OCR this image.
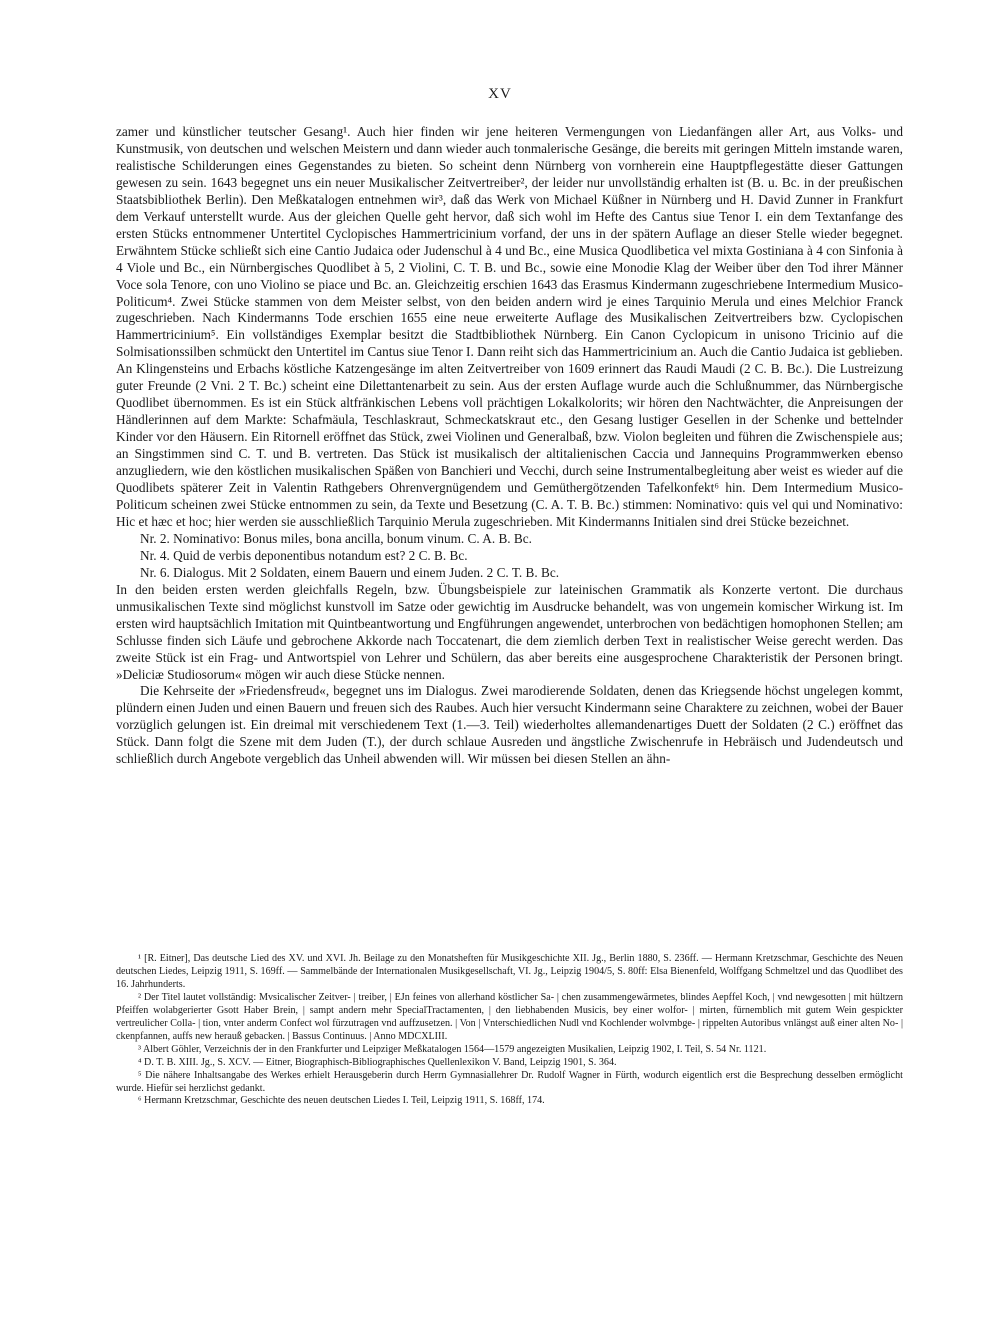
XV

zamer und künstlicher teutscher Gesang¹. Auch hier finden wir jene heiteren Vermengungen von Liedanfängen aller Art, aus Volks- und Kunstmusik, von deutschen und welschen Meistern und dann wieder auch tonmalerische Gesänge, die bereits mit geringen Mitteln imstande waren, realistische Schilderungen eines Gegenstandes zu bieten. So scheint denn Nürnberg von vornherein eine Hauptpflegestätte dieser Gattungen gewesen zu sein. 1643 begegnet uns ein neuer Musikalischer Zeitvertreiber², der leider nur unvollständig erhalten ist (B. u. Bc. in der preußischen Staatsbibliothek Berlin). Den Meßkatalogen entnehmen wir³, daß das Werk von Michael Küßner in Nürnberg und H. David Zunner in Frankfurt dem Verkauf unterstellt wurde. Aus der gleichen Quelle geht hervor, daß sich wohl im Hefte des Cantus siue Tenor I. ein dem Textanfange des ersten Stücks entnommener Untertitel Cyclopisches Hammertricinium vorfand, der uns in der spätern Auflage an dieser Stelle wieder begegnet. Erwähntem Stücke schließt sich eine Cantio Judaica oder Judenschul à 4 und Bc., eine Musica Quodlibetica vel mixta Gostiniana à 4 con Sinfonia à 4 Viole und Bc., ein Nürnbergisches Quodlibet à 5, 2 Violini, C. T. B. und Bc., sowie eine Monodie Klag der Weiber über den Tod ihrer Männer Voce sola Tenore, con uno Violino se piace und Bc. an. Gleichzeitig erschien 1643 das Erasmus Kindermann zugeschriebene Intermedium Musico-Politicum⁴. Zwei Stücke stammen von dem Meister selbst, von den beiden andern wird je eines Tarquinio Merula und eines Melchior Franck zugeschrieben. Nach Kindermanns Tode erschien 1655 eine neue erweiterte Auflage des Musikalischen Zeitvertreibers bzw. Cyclopischen Hammertricinium⁵. Ein vollständiges Exemplar besitzt die Stadtbibliothek Nürnberg. Ein Canon Cyclopicum in unisono Tricinio auf die Solmisationssilben schmückt den Untertitel im Cantus siue Tenor I. Dann reiht sich das Hammertricinium an. Auch die Cantio Judaica ist geblieben. An Klingensteins und Erbachs köstliche Katzengesänge im alten Zeitvertreiber von 1609 erinnert das Raudi Maudi (2 C. B. Bc.). Die Lustreizung guter Freunde (2 Vni. 2 T. Bc.) scheint eine Dilettantenarbeit zu sein. Aus der ersten Auflage wurde auch die Schlußnummer, das Nürnbergische Quodlibet übernommen. Es ist ein Stück altfränkischen Lebens voll prächtigen Lokalkolorits; wir hören den Nachtwächter, die Anpreisungen der Händlerinnen auf dem Markte: Schafmäula, Teschlaskraut, Schmeckatskraut etc., den Gesang lustiger Gesellen in der Schenke und bettelnder Kinder vor den Häusern. Ein Ritornell eröffnet das Stück, zwei Violinen und Generalbaß, bzw. Violon begleiten und führen die Zwischenspiele aus; an Singstimmen sind C. T. und B. vertreten. Das Stück ist musikalisch der altitalienischen Caccia und Jannequins Programmwerken ebenso anzugliedern, wie den köstlichen musikalischen Späßen von Banchieri und Vecchi, durch seine Instrumentalbegleitung aber weist es wieder auf die Quodlibets späterer Zeit in Valentin Rathgebers Ohrenvergnügendem und Gemüthergötzenden Tafelkonfekt⁶ hin. Dem Intermedium Musico-Politicum scheinen zwei Stücke entnommen zu sein, da Texte und Besetzung (C. A. T. B. Bc.) stimmen: Nominativo: quis vel qui und Nominativo: Hic et hæc et hoc; hier werden sie ausschließlich Tarquinio Merula zugeschrieben. Mit Kindermanns Initialen sind drei Stücke bezeichnet.

Nr. 2. Nominativo: Bonus miles, bona ancilla, bonum vinum. C. A. B. Bc.

Nr. 4. Quid de verbis deponentibus notandum est? 2 C. B. Bc.

Nr. 6. Dialogus. Mit 2 Soldaten, einem Bauern und einem Juden. 2 C. T. B. Bc.

In den beiden ersten werden gleichfalls Regeln, bzw. Übungsbeispiele zur lateinischen Grammatik als Konzerte vertont. Die durchaus unmusikalischen Texte sind möglichst kunstvoll im Satze oder gewichtig im Ausdrucke behandelt, was von ungemein komischer Wirkung ist. Im ersten wird hauptsächlich Imitation mit Quintbeantwortung und Engführungen angewendet, unterbrochen von bedächtigen homophonen Stellen; am Schlusse finden sich Läufe und gebrochene Akkorde nach Toccatenart, die dem ziemlich derben Text in realistischer Weise gerecht werden. Das zweite Stück ist ein Frag- und Antwortspiel von Lehrer und Schülern, das aber bereits eine ausgesprochene Charakteristik der Personen bringt. »Deliciæ Studiosorum« mögen wir auch diese Stücke nennen.

Die Kehrseite der »Friedensfreud«, begegnet uns im Dialogus. Zwei marodierende Soldaten, denen das Kriegsende höchst ungelegen kommt, plündern einen Juden und einen Bauern und freuen sich des Raubes. Auch hier versucht Kindermann seine Charaktere zu zeichnen, wobei der Bauer vorzüglich gelungen ist. Ein dreimal mit verschiedenem Text (1.—3. Teil) wiederholtes allemandenartiges Duett der Soldaten (2 C.) eröffnet das Stück. Dann folgt die Szene mit dem Juden (T.), der durch schlaue Ausreden und ängstliche Zwischenrufe in Hebräisch und Judendeutsch und schließlich durch Angebote vergeblich das Unheil abwenden will. Wir müssen bei diesen Stellen an ähn-

¹ [R. Eitner], Das deutsche Lied des XV. und XVI. Jh. Beilage zu den Monatsheften für Musikgeschichte XII. Jg., Berlin 1880, S. 236ff. — Hermann Kretzschmar, Geschichte des Neuen deutschen Liedes, Leipzig 1911, S. 169ff. — Sammelbände der Internationalen Musikgesellschaft, VI. Jg., Leipzig 1904/5, S. 80ff: Elsa Bienenfeld, Wolffgang Schmeltzel und das Quodlibet des 16. Jahrhunderts.

² Der Titel lautet vollständig: Mvsicalischer Zeitver- | treiber, | EJn feines von allerhand köstlicher Sa- | chen zusammengewärmetes, blindes Aepffel Koch, | vnd newgesotten | mit hültzern Pfeiffen wolabgerierter Gsott Haber Brein, | sampt andern mehr SpecialTractamenten, | den liebhabenden Musicis, bey einer wolfor- | mirten, fürnemblich mit gutem Wein gespickter vertreulicher Colla- | tion, vnter anderm Confect wol fürzutragen vnd auffzusetzen. | Von | Vnterschiedlichen Nudl vnd Kochlender wolvmbge- | rippelten Autoribus vnlängst auß einer alten No- | ckenpfannen, auffs new herauß gebacken. | Bassus Continuus. | Anno MDCXLIII.

³ Albert Göhler, Verzeichnis der in den Frankfurter und Leipziger Meßkatalogen 1564—1579 angezeigten Musikalien, Leipzig 1902, I. Teil, S. 54 Nr. 1121.

⁴ D. T. B. XIII. Jg., S. XCV. — Eitner, Biographisch-Bibliographisches Quellenlexikon V. Band, Leipzig 1901, S. 364.

⁵ Die nähere Inhaltsangabe des Werkes erhielt Herausgeberin durch Herrn Gymnasiallehrer Dr. Rudolf Wagner in Fürth, wodurch eigentlich erst die Besprechung desselben ermöglicht wurde. Hiefür sei herzlichst gedankt.

⁶ Hermann Kretzschmar, Geschichte des neuen deutschen Liedes I. Teil, Leipzig 1911, S. 168ff, 174.
